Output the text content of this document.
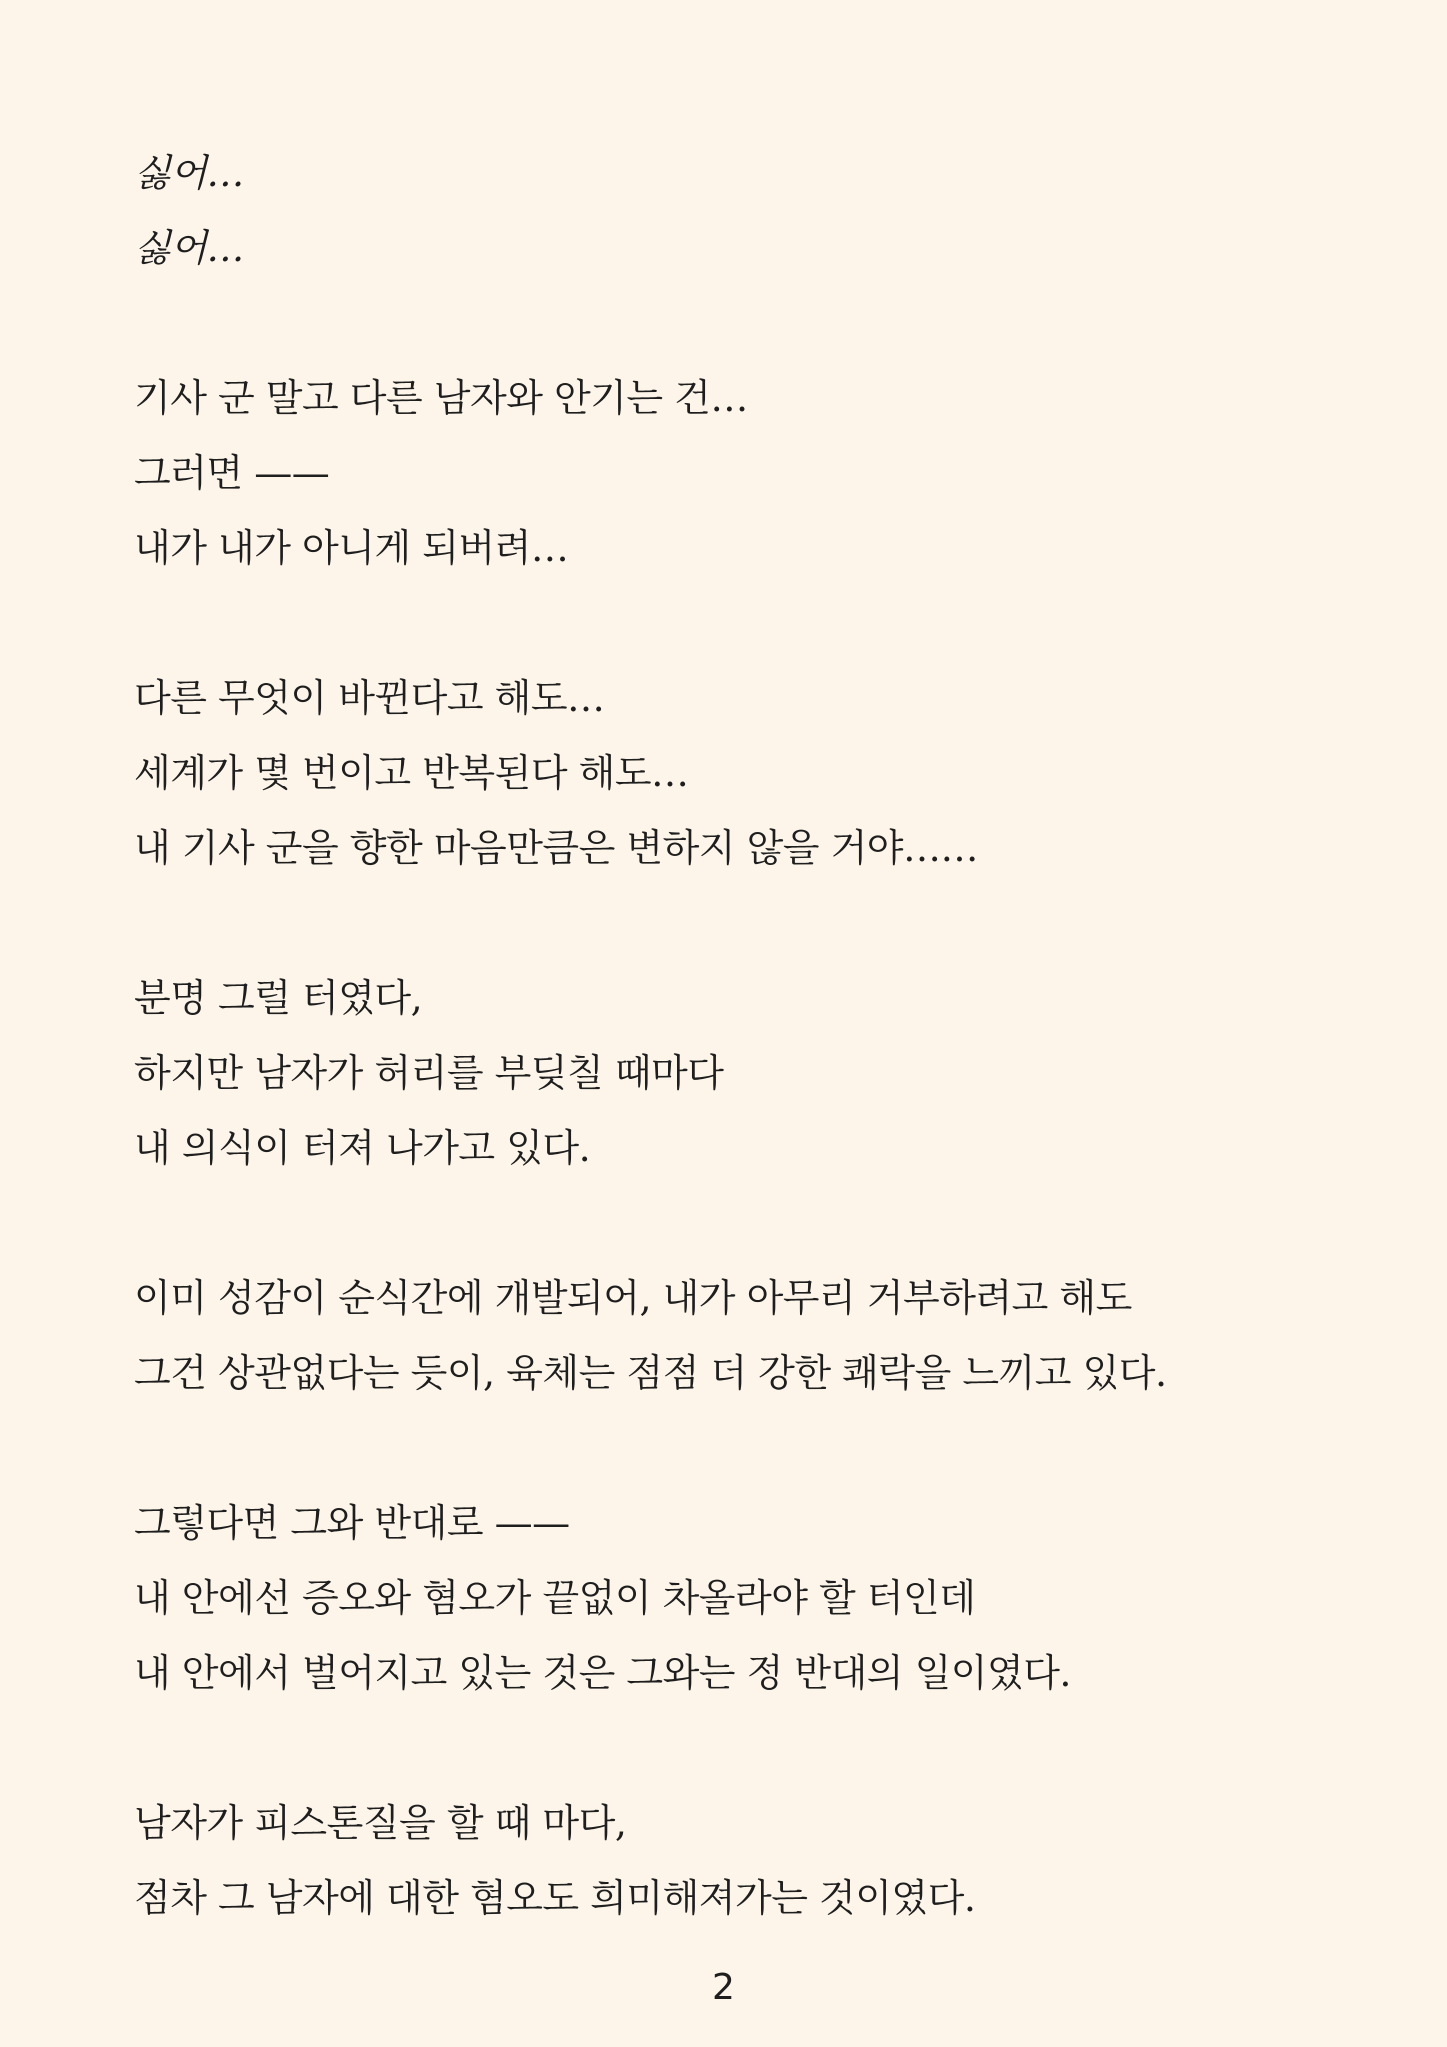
싫어…
싫어…
기사 군 말고 다른 남자와 안기는 건…
그러면 ——
내가 내가 아니게 되버려…
다른 무엇이 바뀐다고 해도…
세계가 몇 번이고 반복된다 해도…
내 기사 군을 향한 마음만큼은 변하지 않을 거야……
분명 그럴 터였다,
하지만 남자가 허리를 부딪칠 때마다
내 의식이 터져 나가고 있다.
이미 성감이 순식간에 개발되어, 내가 아무리 거부하려고 해도
그건 상관없다는 듯이, 육체는 점점 더 강한 쾌락을 느끼고 있다.
그렇다면 그와 반대로 ——
내 안에선 증오와 혐오가 끝없이 차올라야 할 터인데
내 안에서 벌어지고 있는 것은 그와는 정 반대의 일이였다.
남자가 피스톤질을 할 때 마다,
점차 그 남자에 대한 혐오도 희미해져가는 것이였다.
2
